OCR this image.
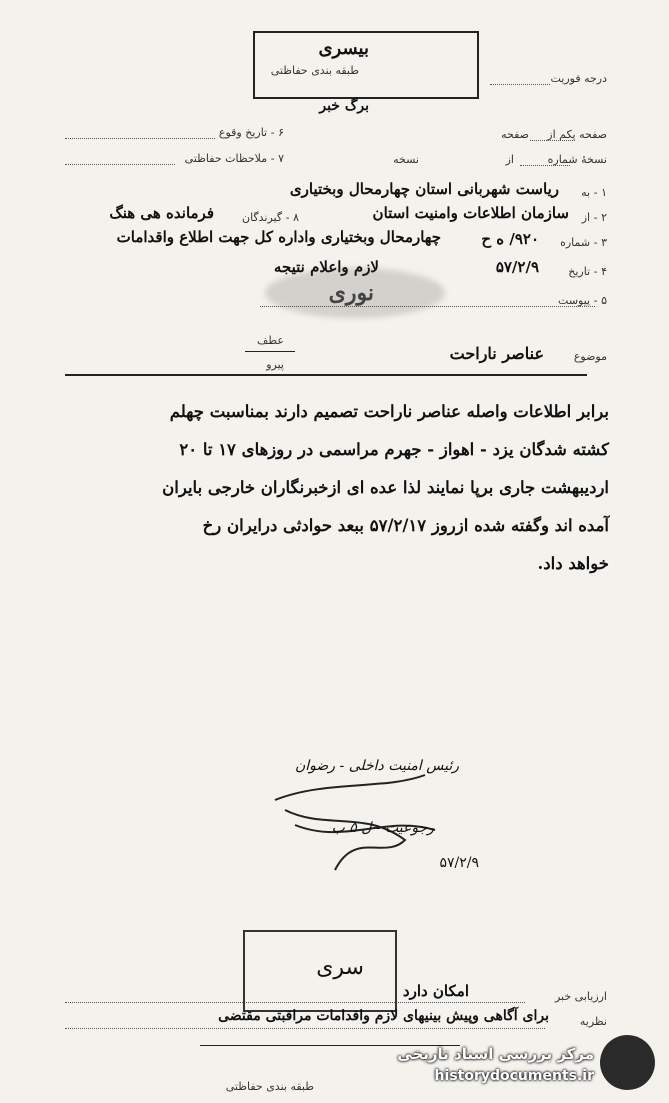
بیسری
طبقه بندی حفاظتی
برگ خبر
درجه فوریت
صفحه یکم از
صفحه
نسخهٔ شماره
از
نسخه
۶ - تاریخ وقوع
۷ - ملاحظات حفاظتی
۱ - به
ریاست شهربانی استان چهارمحال وبختیاری
۲ - از
سازمان اطلاعات وامنیت استان
۸ - گیرندگان
فرمانده هی هنگ
۳ - شماره
۹۲۰/ ه ح
چهارمحال وبختیاری واداره کل جهت اطلاع واقدامات
۴ - تاریخ
۵۷/۲/۹
لازم واعلام نتیجه
۵ - پیوست
نوری
عطف
پیرو
موضوع
عناصر ناراحت
برابر اطلاعات واصله عناصر ناراحت تصمیم دارند بمناسبت چهلم
کشته شدگان یزد - اهواز - جهرم مراسمی در روزهای ۱۷ تا ۲۰
اردیبهشت جاری برپا نمایند لذا عده ای ازخبرنگاران خارجی بایران
آمده اند وگفته شده ازروز ۵۷/۲/۱۷ ببعد حوادثی درایران رخ
خواهد داد.
رئیس امنیت داخلی - رضوان
رجوعیت - ل ۵ ب
۵۷/۲/۹
سری
ارزیابی خبر
امکان دارد
نظریه
برای آگاهی وپیش بینیهای لازم واقدامات مراقبتی مقتضی
طبقه بندی حفاظتی
مرکز بررسی اسناد تاریخی
historydocuments.ir
